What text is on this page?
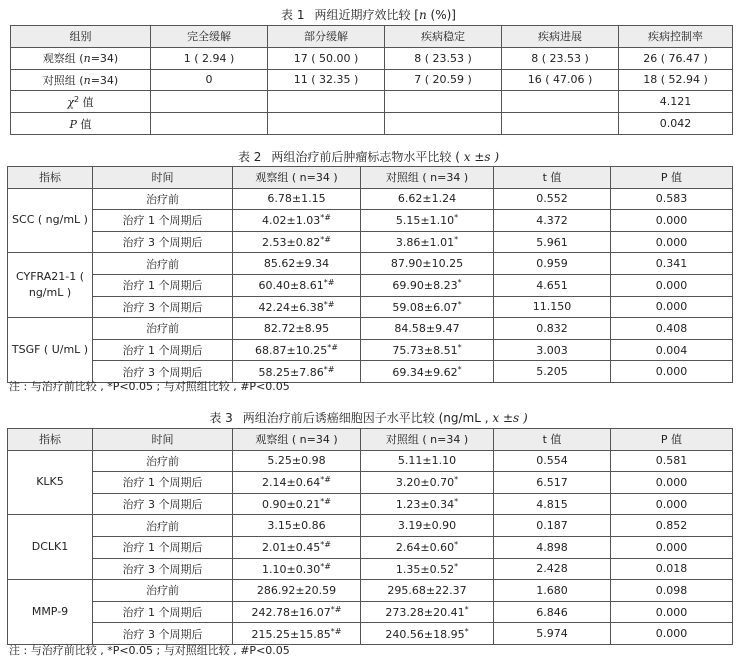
表 1 两组近期疗效比较 [n (%)]
组别	完全缓解	部分缓解	疾病稳定	疾病进展	疾病控制率
观察组 (n=34)	1 ( 2.94 )	17 ( 50.00 )	8 ( 23.53 )	8 ( 23.53 )	26 ( 76.47 )
对照组 (n=34)	0	11 ( 32.35 )	7 ( 20.59 )	16 ( 47.06 )	18 ( 52.94 )
$\chi^2$ 值					4.121
P 值					0.042
表 2 两组治疗前后肿瘤标志物水平比较 ( x ±s )
指标	时间	观察组 ( n=34 )	对照组 ( n=34 )	t 值	P 值
SCC ( ng/mL )	治疗前	6.78±1.15	6.62±1.24	0.552	0.583
	治疗 1 个周期后	4.02±1.03*#	5.15±1.10*	4.372	0.000
	治疗 3 个周期后	2.53±0.82*#	3.86±1.01*	5.961	0.000
CYFRA21-1 ( ng/mL )	治疗前	85.62±9.34	87.90±10.25	0.959	0.341
	治疗 1 个周期后	60.40±8.61*#	69.90±8.23*	4.651	0.000
	治疗 3 个周期后	42.24±6.38*#	59.08±6.07*	11.150	0.000
TSGF ( U/mL )	治疗前	82.72±8.95	84.58±9.47	0.832	0.408
	治疗 1 个周期后	68.87±10.25*#	75.73±8.51*	3.003	0.004
	治疗 3 个周期后	58.25±7.86*#	69.34±9.62*	5.205	0.000
注 : 与治疗前比较 , *P<0.05 ; 与对照组比较 , #P<0.05
表 3 两组治疗前后诱癌细胞因子水平比较 (ng/mL , x ±s )
指标	时间	观察组 ( n=34 )	对照组 ( n=34 )	t 值	P 值
KLK5	治疗前	5.25±0.98	5.11±1.10	0.554	0.581
	治疗 1 个周期后	2.14±0.64*#	3.20±0.70*	6.517	0.000
	治疗 3 个周期后	0.90±0.21*#	1.23±0.34*	4.815	0.000
DCLK1	治疗前	3.15±0.86	3.19±0.90	0.187	0.852
	治疗 1 个周期后	2.01±0.45*#	2.64±0.60*	4.898	0.000
	治疗 3 个周期后	1.10±0.30*#	1.35±0.52*	2.428	0.018
MMP-9	治疗前	286.92±20.59	295.68±22.37	1.680	0.098
	治疗 1 个周期后	242.78±16.07*#	273.28±20.41*	6.846	0.000
	治疗 3 个周期后	215.25±15.85*#	240.56±18.95*	5.974	0.000
注 : 与治疗前比较 , *P<0.05 ; 与对照组比较 , #P<0.05
